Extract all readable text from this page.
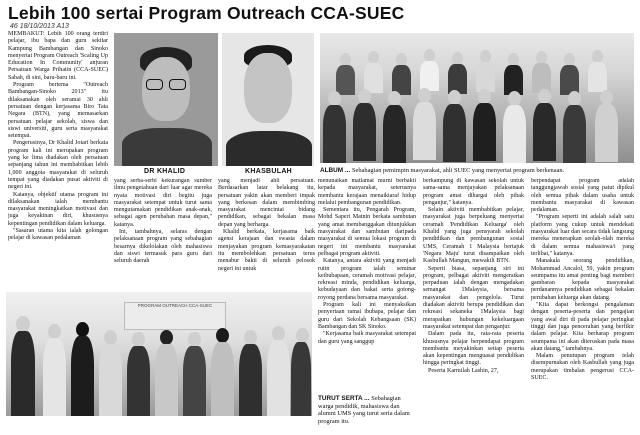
Lebih 100 sertai Program Outreach CCA-SUEC
46 18/10/2013 A13

MEMBAKUT: Lebih 100 orang terdiri pelajar, ibu bapa dan guru sekitar Kampung Bambangan dan Sinoko menyertai Program Outreach 'Scaling Up Education In Community' anjuran Persatuan Warga Prihatin (CCA-SUEC) Sabah, di sini, baru-baru ini.

Program bertema "Outreach Bambangan-Sinoko 2013" itu dilaksanakan oleh seramai 30 ahli persatuan dengan kerjasama Biro Tata Negara (BTN), yang memasarkan persatuan pelajar sekolah, siswa dan siswi universiti, guru serta masyarakat setempat.

Pengerusinya, Dr Khalid Jotari berkata program kali ini merupakan program yang ke lima diadakan oleh persatuan sepanjang tahun ini membabitkan lebih 1,000 anggota masyarakat di seluruh tempat yang diadakan pusat aktiviti di negeri ini.

Katanya, objektif utama program ini dilaksanakan ialah membantu masyarakat meningkatkan motivasi dan juga keyakinan diri, khususnya kepentingan pendidikan dalam keluarga.

"Sasaran utama kita ialah golongan pelajar di kawasan pedalaman

DR KHALID	KHASBULAH	ALBUM ... Sebahagian pemimpin masyarakat, ahli SUEC yang menyertai program berkenaan.

yang serba-serbi kekurangan sumber ilmu pengetahuan dari luar agar mereka nyata motivasi diri begitu juga masyarakat setempat untuk turut sama mengutamakan pendidikan anak-anak, sebagai agen perubahan masa depan," katanya.

Ini, tambahnya, selaras dengan pelaksanaan program yang sebahagian besarnya dikelolakan oleh mahasiswa dan siswi termasuk para guru dari seluruh daerah

yang menjadi ahli persatuan. Berdasarkan latar belakang itu, persatuan yakin akan memberi impak yang berkesan dalam membimbing masyarakat mencintai bidang pendidikan, sebagai bekalan masa depan yang berharga.

Khalid berkata, kerjasama baik agensi kerajaan dan swasta dalam menjayakan program kemasyarakatan itu membolehkan persatuan terus menabur bakti di seluruh pelosok negeri ini untuk

PROGRAM OUTREACH CCA-SUEC
TURUT SERTA ... Sebahagian warga pendidik, mahasiswa dan alumni UMS yang turut serta dalam program itu.

menunaikan matlamat murni berbakti kepada masyarakat, seterusnya membantu kerajaan menaiktaraf hidup melalui pembangunan pendidikan.

Sementara itu, Pengarah Program, Mohd Saperi Matnin berkata sambutan yang amat membanggakan ditunjukkan masyarakat dan sambutan daripada masyarakat di semua lokasi program di negeri ini membantu masyarakat pelbagai program aktiviti.

Katanya, antara aktiviti yang menjadi rutin program ialah seminar keibubapaan, ceramah motivasi pelajar, rekreasi minda, pendidikan keluarga, kebudayaan dan bakat serta gotong-royong perdana bersama masyarakat.

Program kali ini menyaksikan penyertaan ramai ibubapa, pelajar dan guru dari Sekolah Kebangsaan (SK) Bambangan dan SK Sinoko.

"Kerjasama baik masyarakat setempat dan guru yang sanggup

berkampung di kawasan sekolah untuk sama-sama menjayakan pelaksanaan program amat dihargai oleh pihak penganjur," katanya.

Selain aktiviti membabitkan pelajar, masyarakat juga berpeluang menyertai ceramah 'Pendidikan Keluarga' oleh Khalid yang juga pensyarah sekolah pendidikan dan pembangunan sosial UMS, Ceramah 1 Malaysia bertajuk 'Negara Maju' turut disampaikan oleh Kasbullah Mangun, mewakili BTN.

Seperti biasa, sepanjang siri ini program, pelbagai aktiviti mengeratkan perpaduan ialah dengan mengadakan semangat 1Malaysia, bersama masyarakat dan pengelola. Turut diadakan aktiviti berupa pendidikan dan rekreasi sekaneka 1Malaysia bagi merapatkan hubungan kekeluargaan masyarakat setempat dan penganjur.

Dalam pada itu, rata-rata peserta khususnya pelajar berpendapat program membantu meyakinkan setiap peserta akan kepentingan menguasai pendidikan hingga peringkat tinggi.

Peserta Karmilah Lashin, 27,

berpendapat program adalah tanggungjawab sosial yang patut dipikul oleh semua pihak dalam usaha untuk membantu masyarakat di kawasan pedalaman.

"Program seperti ini adalah salah satu platform yang cukup untuk mendekati masyarakat luar dan secara tidak langsung mereka menerapkan seolah-olah mereka di dalam semua mahasiswa/i yang terlibat," katanya.

Manakala seorang pendidikan, Mohammad Ancalol, 59, yakin program seumpama itu amat penting bagi memberi gambaran kepada masyarakat perdanannya pendidikan sebagai bekalan perubahan keluarga akan datang.

"Kita dapat berkongsi pengalaman dengan peserta-peserta dan pengajian yang awal diri di pada pelajar peringkat tinggi dan juga pencerahan yang berfikir dalam pelajar. Kita berharap program seumpama ini akan diteruskan pada masa akan datang," tambahnya.

Malam penutupan program telah disempurnakan oleh Kasbullah yang juga merupakan timbalan pengerusi CCA-SUEC.
